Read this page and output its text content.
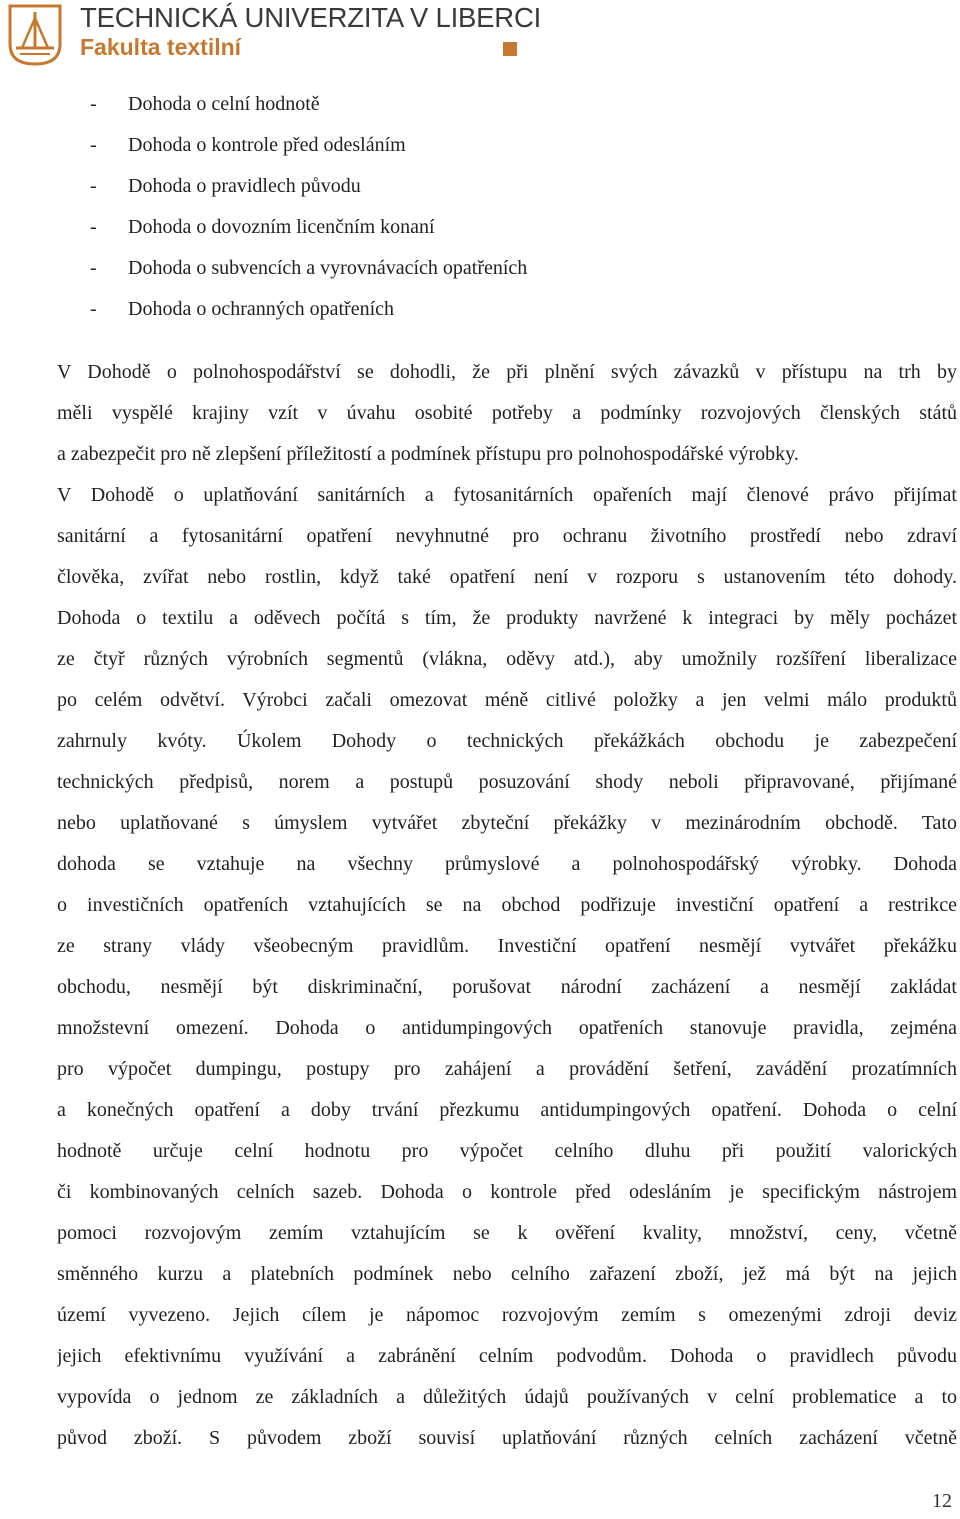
TECHNICKÁ UNIVERZITA V LIBERCI
Fakulta textilní
-	Dohoda o celní hodnotě
-	Dohoda o kontrole před odesláním
-	Dohoda o pravidlech původu
-	Dohoda o dovozním licenčním konaní
-	Dohoda o subvencích a vyrovnávacích opatřeních
-	Dohoda o ochranných opatřeních
V Dohodě o polnohospodářství se dohodli, že při plnění svých závazků v přístupu na trh by
měli vyspělé krajiny vzít v úvahu osobité potřeby a podmínky rozvojových členských států
a zabezpečit pro ně zlepšení příležitostí a podmínek přístupu pro polnohospodářské výrobky.
V Dohodě o uplatňování sanitárních a fytosanitárních opařeních mají členové právo přijímat
sanitární a fytosanitární opatření nevyhnutné pro ochranu životního prostředí nebo zdraví
člověka, zvířat nebo rostlin, když také opatření není v rozporu s ustanovením této dohody.
Dohoda o textilu a oděvech počítá s tím, že produkty navržené k integraci by měly pocházet
ze čtyř různých výrobních segmentů (vlákna, oděvy atd.), aby umožnily rozšíření liberalizace
po celém odvětví. Výrobci začali omezovat méně citlivé položky a jen velmi málo produktů
zahrnuly kvóty. Úkolem Dohody o technických překážkách obchodu je zabezpečení
technických předpisů, norem a postupů posuzování shody neboli připravované, přijímané
nebo uplatňované s úmyslem vytvářet zbyteční překážky v mezinárodním obchodě. Tato
dohoda se vztahuje na všechny průmyslové a polnohospodářský výrobky. Dohoda
o investičních opatřeních vztahujících se na obchod podřizuje investiční opatření a restrikce
ze strany vlády všeobecným pravidlům. Investiční opatření nesmějí vytvářet překážku
obchodu, nesmějí být diskriminační, porušovat národní zacházení a nesmějí zakládat
množstevní omezení. Dohoda o antidumpingových opatřeních stanovuje pravidla, zejména
pro výpočet dumpingu, postupy pro zahájení a provádění šetření, zavádění prozatímních
a konečných opatření a doby trvání přezkumu antidumpingových opatření. Dohoda o celní
hodnotě určuje celní hodnotu pro výpočet celního dluhu při použití valorických
či kombinovaných celních sazeb. Dohoda o kontrole před odesláním je specifickým nástrojem
pomoci rozvojovým zemím vztahujícím se k ověření kvality, množství, ceny, včetně
směnného kurzu a platebních podmínek nebo celního zařazení zboží, jež má být na jejich
území vyvezeno. Jejich cílem je nápomoc rozvojovým zemím s omezenými zdroji deviz
jejich efektivnímu využívání a zabránění celním podvodům. Dohoda o pravidlech původu
vypovída o jednom ze základních a důležitých údajů používaných v celní problematice a to
původ zboží. S původem zboží souvisí uplatňování různých celních zacházení včetně
12
